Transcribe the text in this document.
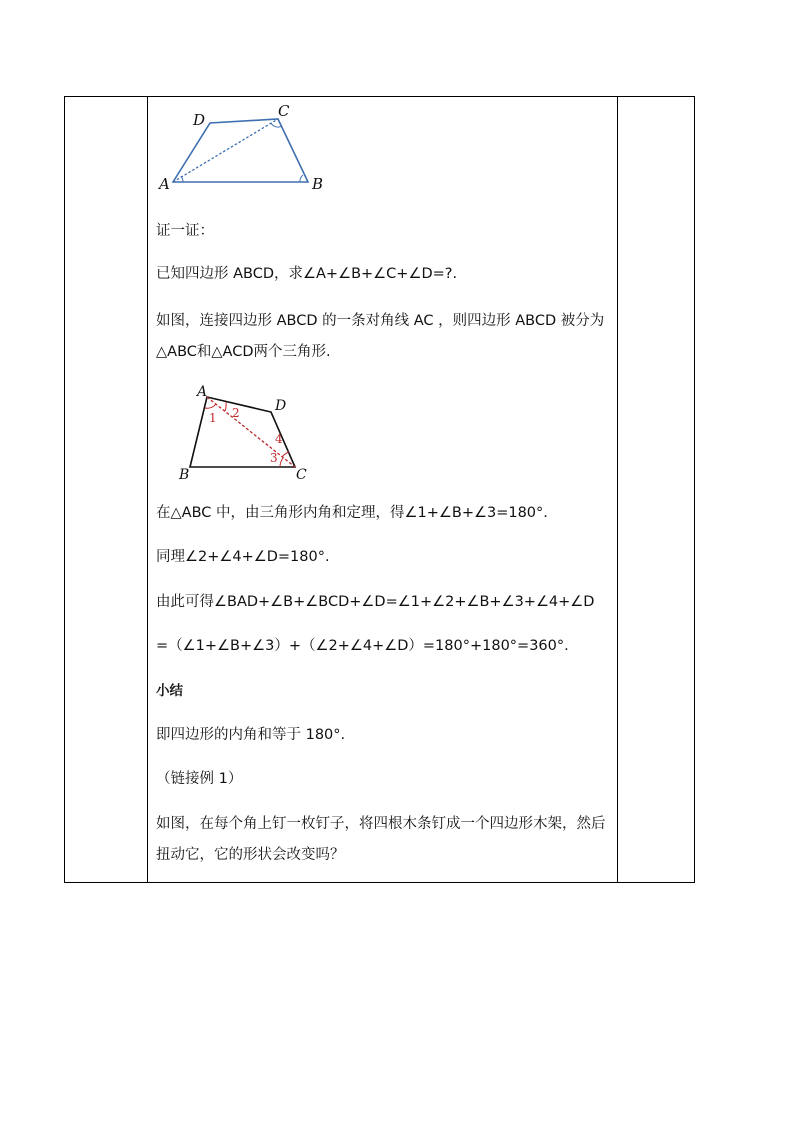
A	B
C
D
证一证：
已知四边形 ABCD，求∠A+∠B+∠C+∠D=?.
如图，连接四边形 ABCD 的一条对角线 AC ，则四边形 ABCD 被分为△ABC和△ACD两个三角形.
A
B	C
D
1 2
3
4
在△ABC 中，由三角形内角和定理，得∠1+∠B+∠3=180°.
同理∠2+∠4+∠D=180°.
由此可得∠BAD+∠B+∠BCD+∠D=∠1+∠2+∠B+∠3+∠4+∠D
=（∠1+∠B+∠3）+（∠2+∠4+∠D）=180°+180°=360°.
小结
即四边形的内角和等于 180°.
（链接例 1）
如图，在每个角上钉一枚钉子，将四根木条钉成一个四边形木架，然后扭动它，它的形状会改变吗？
